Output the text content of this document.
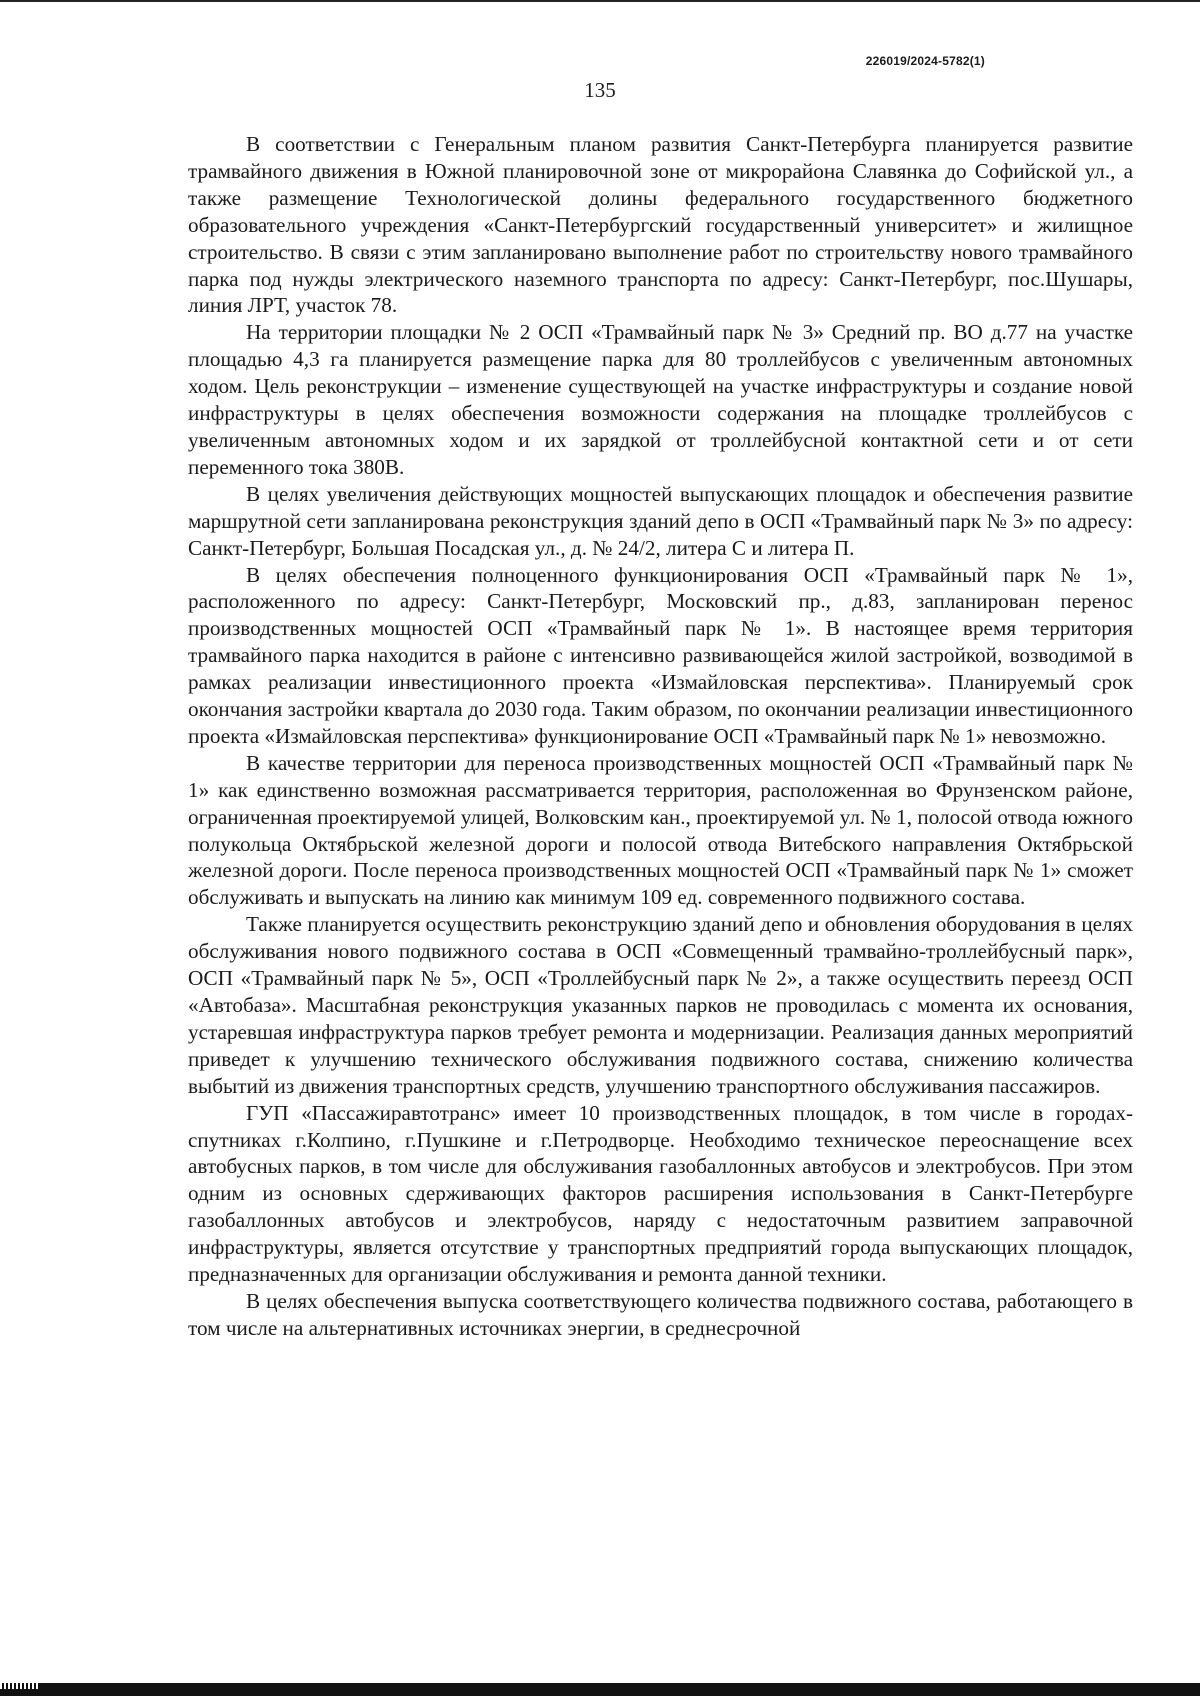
226019/2024-5782(1)
135

В соответствии с Генеральным планом развития Санкт-Петербурга планируется развитие трамвайного движения в Южной планировочной зоне от микрорайона Славянка до Софийской ул., а также размещение Технологической долины федерального государственного бюджетного образовательного учреждения «Санкт-Петербургский государственный университет» и жилищное строительство. В связи с этим запланировано выполнение работ по строительству нового трамвайного парка под нужды электрического наземного транспорта по адресу: Санкт-Петербург, пос.Шушары, линия ЛРТ, участок 78.

На территории площадки № 2 ОСП «Трамвайный парк № 3» Средний пр. ВО д.77 на участке площадью 4,3 га планируется размещение парка для 80 троллейбусов с увеличенным автономных ходом. Цель реконструкции – изменение существующей на участке инфраструктуры и создание новой инфраструктуры в целях обеспечения возможности содержания на площадке троллейбусов с увеличенным автономных ходом и их зарядкой от троллейбусной контактной сети и от сети переменного тока 380В.

В целях увеличения действующих мощностей выпускающих площадок и обеспечения развитие маршрутной сети запланирована реконструкция зданий депо в ОСП «Трамвайный парк № 3» по адресу: Санкт-Петербург, Большая Посадская ул., д. № 24/2, литера С и литера П.

В целях обеспечения полноценного функционирования ОСП «Трамвайный парк № 1», расположенного по адресу: Санкт-Петербург, Московский пр., д.83, запланирован перенос производственных мощностей ОСП «Трамвайный парк № 1». В настоящее время территория трамвайного парка находится в районе с интенсивно развивающейся жилой застройкой, возводимой в рамках реализации инвестиционного проекта «Измайловская перспектива». Планируемый срок окончания застройки квартала до 2030 года. Таким образом, по окончании реализации инвестиционного проекта «Измайловская перспектива» функционирование ОСП «Трамвайный парк № 1» невозможно.

В качестве территории для переноса производственных мощностей ОСП «Трамвайный парк № 1» как единственно возможная рассматривается территория, расположенная во Фрунзенском районе, ограниченная проектируемой улицей, Волковским кан., проектируемой ул. № 1, полосой отвода южного полукольца Октябрьской железной дороги и полосой отвода Витебского направления Октябрьской железной дороги. После переноса производственных мощностей ОСП «Трамвайный парк № 1» сможет обслуживать и выпускать на линию как минимум 109 ед. современного подвижного состава.

Также планируется осуществить реконструкцию зданий депо и обновления оборудования в целях обслуживания нового подвижного состава в ОСП «Совмещенный трамвайно-троллейбусный парк», ОСП «Трамвайный парк № 5», ОСП «Троллейбусный парк № 2», а также осуществить переезд ОСП «Автобаза». Масштабная реконструкция указанных парков не проводилась с момента их основания, устаревшая инфраструктура парков требует ремонта и модернизации. Реализация данных мероприятий приведет к улучшению технического обслуживания подвижного состава, снижению количества выбытий из движения транспортных средств, улучшению транспортного обслуживания пассажиров.

ГУП «Пассажиравтотранс» имеет 10 производственных площадок, в том числе в городах-спутниках г.Колпино, г.Пушкине и г.Петродворце. Необходимо техническое переоснащение всех автобусных парков, в том числе для обслуживания газобаллонных автобусов и электробусов. При этом одним из основных сдерживающих факторов расширения использования в Санкт-Петербурге газобаллонных автобусов и электробусов, наряду с недостаточным развитием заправочной инфраструктуры, является отсутствие у транспортных предприятий города выпускающих площадок, предназначенных для организации обслуживания и ремонта данной техники.

В целях обеспечения выпуска соответствующего количества подвижного состава, работающего в том числе на альтернативных источниках энергии, в среднесрочной
